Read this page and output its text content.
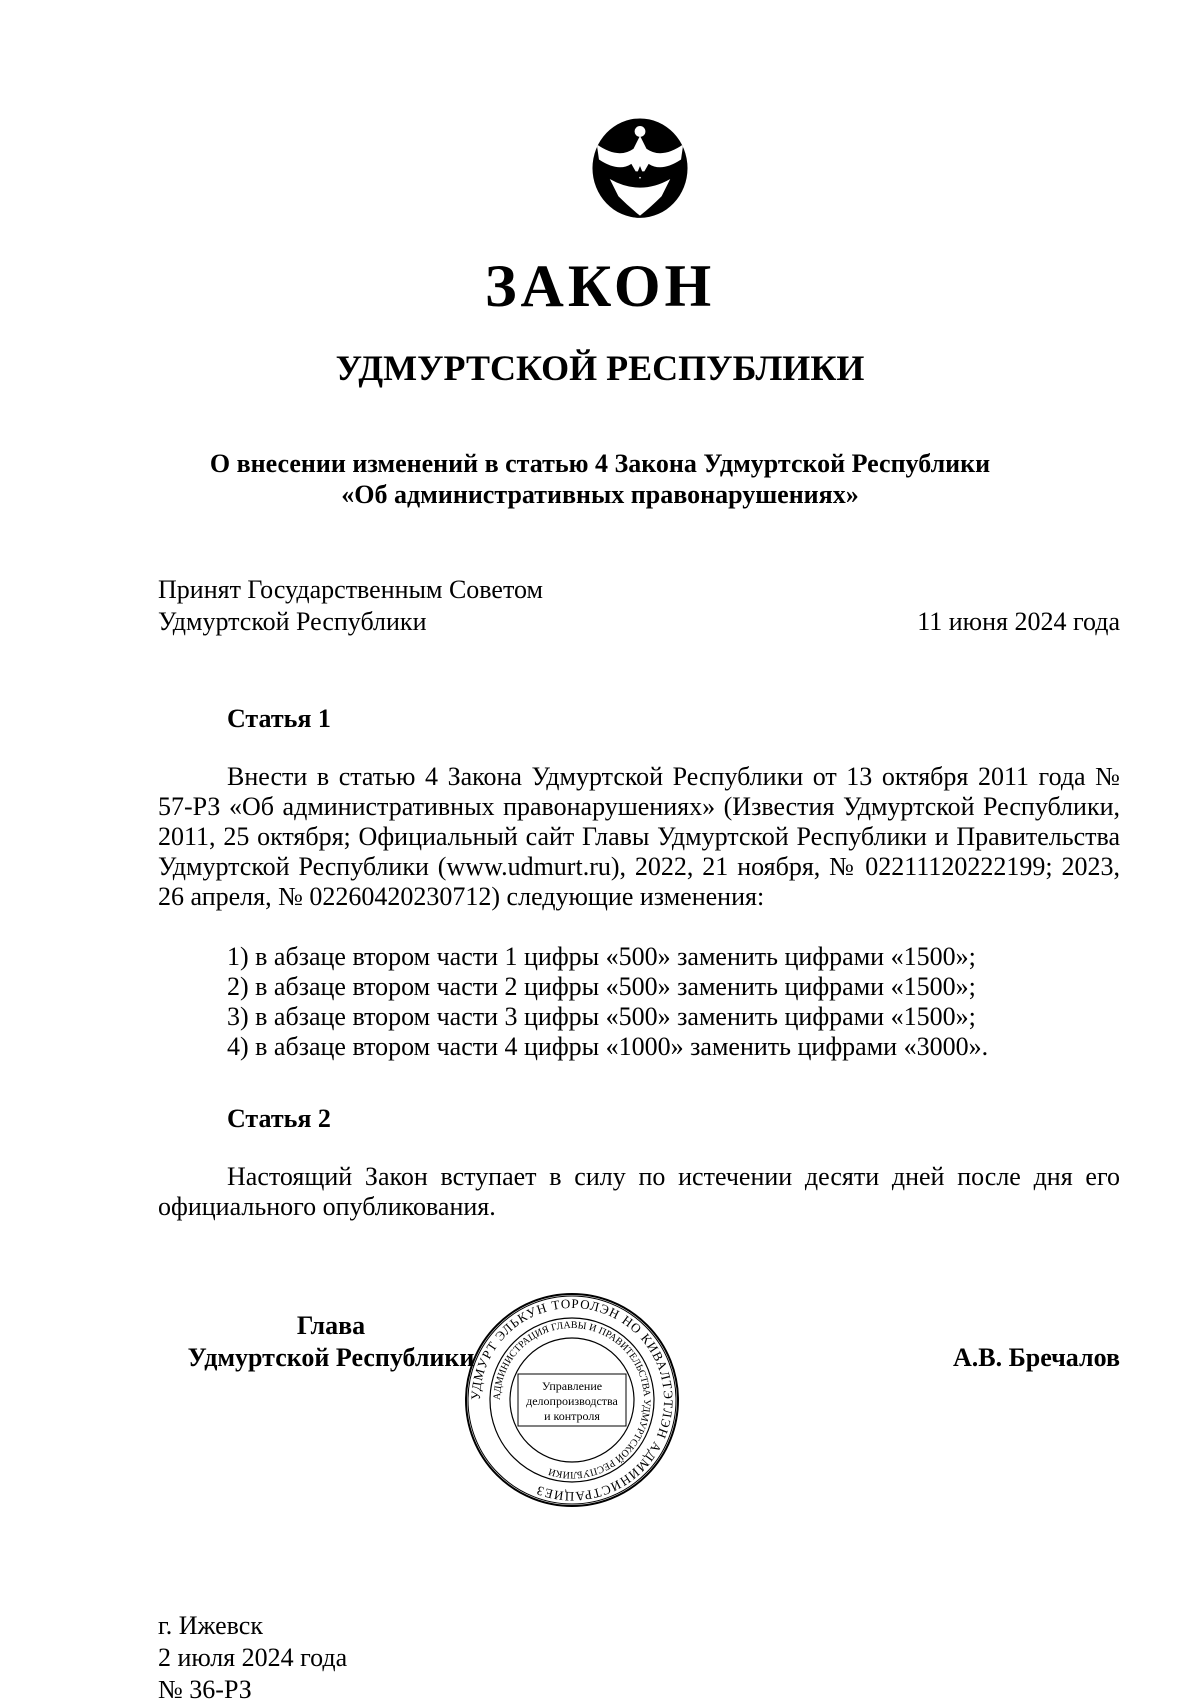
ЗАКОН
УДМУРТСКОЙ РЕСПУБЛИКИ
О внесении изменений в статью 4 Закона Удмуртской Республики
«Об административных правонарушениях»
Принят Государственным Советом
Удмуртской Республики	11 июня 2024 года
Статья 1

Внести в статью 4 Закона Удмуртской Республики от 13 октября 2011 года № 57-РЗ «Об административных правонарушениях» (Известия Удмуртской Республики, 2011, 25 октября; Официальный сайт Главы Удмуртской Республики и Правительства Удмуртской Республики (www.udmurt.ru), 2022, 21 ноября, № 02211120222199; 2023, 26 апреля, № 02260420230712) следующие изменения:

1) в абзаце втором части 1 цифры «500» заменить цифрами «1500»;
2) в абзаце втором части 2 цифры «500» заменить цифрами «1500»;
3) в абзаце втором части 3 цифры «500» заменить цифрами «1500»;
4) в абзаце втором части 4 цифры «1000» заменить цифрами «3000».
Статья 2

Настоящий Закон вступает в силу по истечении десяти дней после дня его официального опубликования.

Глава
Удмуртской Республики
УДМУРТ ЭЛЬКУН ТОРОЛЭН НО КИВАЛТЭТЛЭН АДМИНИСТРАЦИЕЗ
АДМИНИСТРАЦИЯ ГЛАВЫ И ПРАВИТЕЛЬСТВА УДМУРТСКОЙ РЕСПУБЛИКИ
Управление
делопроизводства
и контроля
А.В. Бречалов
г. Ижевск
2 июля 2024 года
№ 36-РЗ
